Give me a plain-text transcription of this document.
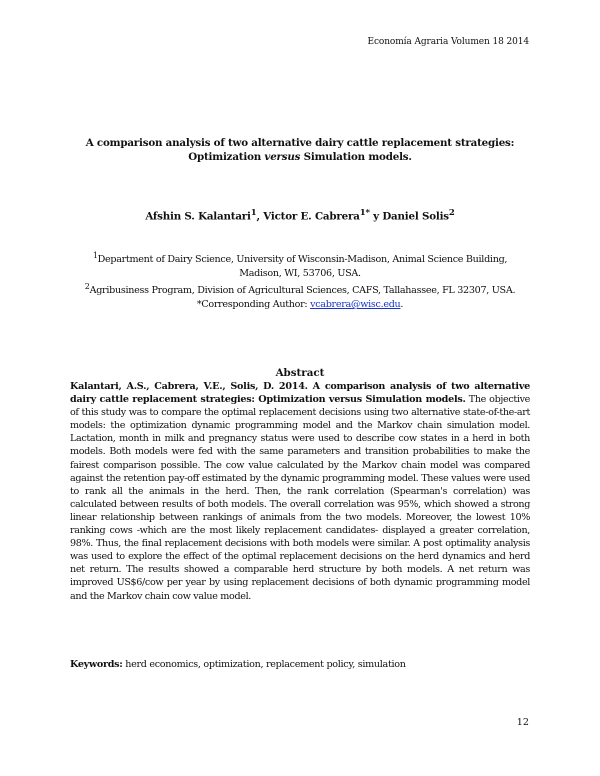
Economía Agraria Volumen 18 2014
A comparison analysis of two alternative dairy cattle replacement strategies:
Optimization versus Simulation models.
Afshin S. Kalantari$^1$, Victor E. Cabrera$^{1*}$ y Daniel Solis$^2$
$^1$Department of Dairy Science, University of Wisconsin-Madison, Animal Science Building,
Madison, WI, 53706, USA.
$^2$Agribusiness Program, Division of Agricultural Sciences, CAFS, Tallahassee, FL 32307, USA.
*Corresponding Author: vcabrera@wisc.edu.
Abstract
Kalantari, A.S., Cabrera, V.E., Solis, D. 2014. A comparison analysis of two alternative dairy cattle replacement strategies: Optimization versus Simulation models. The objective of this study was to compare the optimal replacement decisions using two alternative state-of-the-art models: the optimization dynamic programming model and the Markov chain simulation model. Lactation, month in milk and pregnancy status were used to describe cow states in a herd in both models. Both models were fed with the same parameters and transition probabilities to make the fairest comparison possible. The cow value calculated by the Markov chain model was compared against the retention pay-off estimated by the dynamic programming model. These values were used to rank all the animals in the herd. Then, the rank correlation (Spearman's correlation) was calculated between results of both models. The overall correlation was 95%, which showed a strong linear relationship between rankings of animals from the two models. Moreover, the lowest 10% ranking cows -which are the most likely replacement candidates- displayed a greater correlation, 98%. Thus, the final replacement decisions with both models were similar. A post optimality analysis was used to explore the effect of the optimal replacement decisions on the herd dynamics and herd net return. The results showed a comparable herd structure by both models. A net return was improved US$6/cow per year by using replacement decisions of both dynamic programming model and the Markov chain cow value model.
Keywords: herd economics, optimization, replacement policy, simulation
12
